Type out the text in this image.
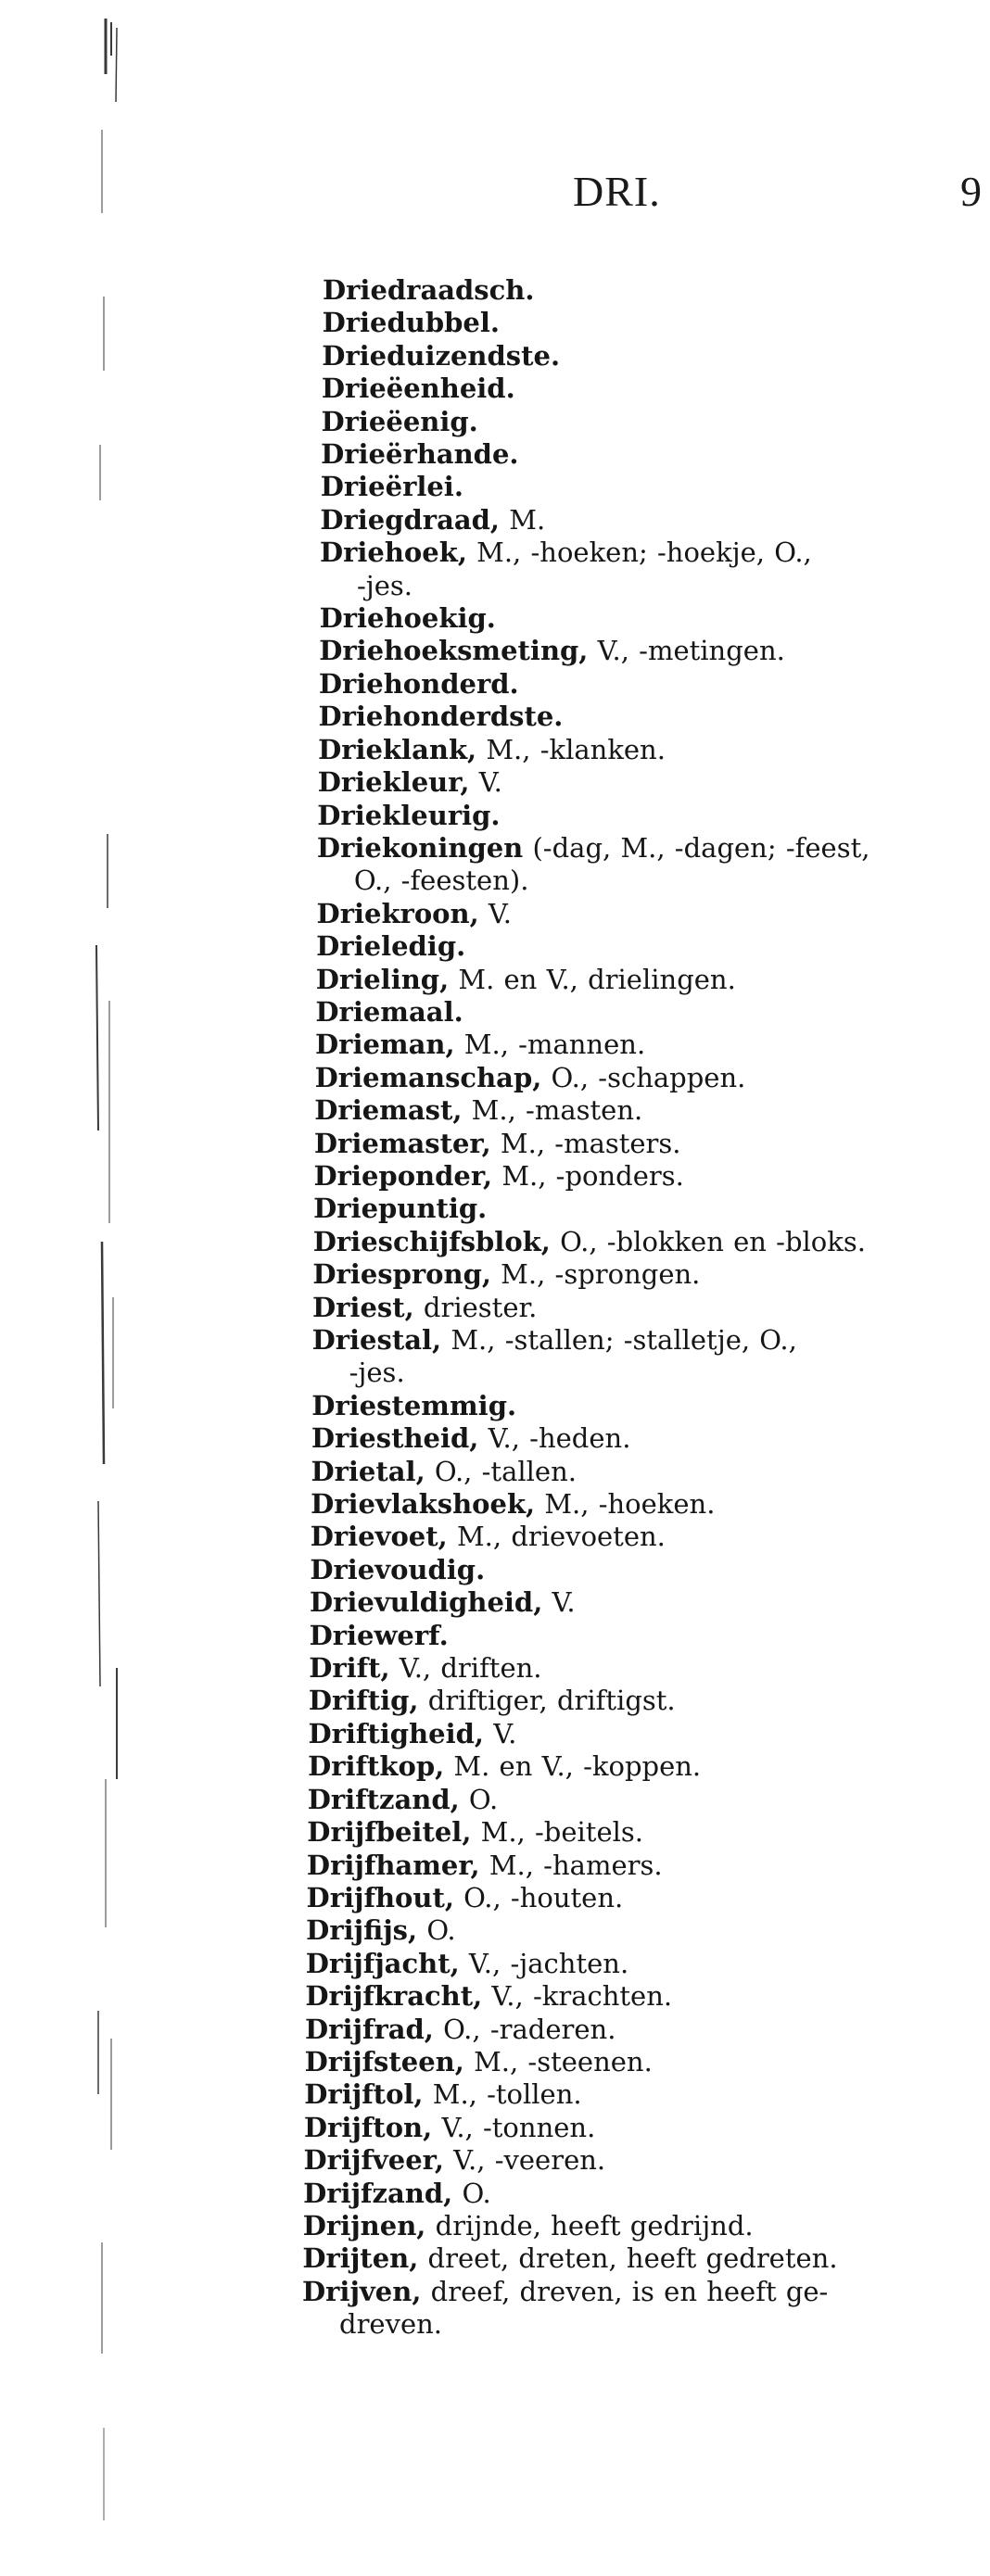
DRI.	9
Driedraadsch.
Driedubbel.
Drieduizendste.
Drieëenheid.
Drieëenig.
Drieërhande.
Drieërlei.
Driegdraad, M.
Driehoek, M., -hoeken; -hoekje, O.,
-jes.
Driehoekig.
Driehoeksmeting, V., -metingen.
Driehonderd.
Driehonderdste.
Drieklank, M., -klanken.
Driekleur, V.
Driekleurig.
Driekoningen (-dag, M., -dagen; -feest,
O., -feesten).
Driekroon, V.
Drieledig.
Drieling, M. en V., drielingen.
Driemaal.
Drieman, M., -mannen.
Driemanschap, O., -schappen.
Driemast, M., -masten.
Driemaster, M., -masters.
Drieponder, M., -ponders.
Driepuntig.
Drieschijfsblok, O., -blokken en -bloks.
Driesprong, M., -sprongen.
Driest, driester.
Driestal, M., -stallen; -stalletje, O.,
-jes.
Driestemmig.
Driestheid, V., -heden.
Drietal, O., -tallen.
Drievlakshoek, M., -hoeken.
Drievoet, M., drievoeten.
Drievoudig.
Drievuldigheid, V.
Driewerf.
Drift, V., driften.
Driftig, driftiger, driftigst.
Driftigheid, V.
Driftkop, M. en V., -koppen.
Driftzand, O.
Drijfbeitel, M., -beitels.
Drijfhamer, M., -hamers.
Drijfhout, O., -houten.
Drijfijs, O.
Drijfjacht, V., -jachten.
Drijfkracht, V., -krachten.
Drijfrad, O., -raderen.
Drijfsteen, M., -steenen.
Drijftol, M., -tollen.
Drijfton, V., -tonnen.
Drijfveer, V., -veeren.
Drijfzand, O.
Drijnen, drijnde, heeft gedrijnd.
Drijten, dreet, dreten, heeft gedreten.
Drijven, dreef, dreven, is en heeft ge-
dreven.
